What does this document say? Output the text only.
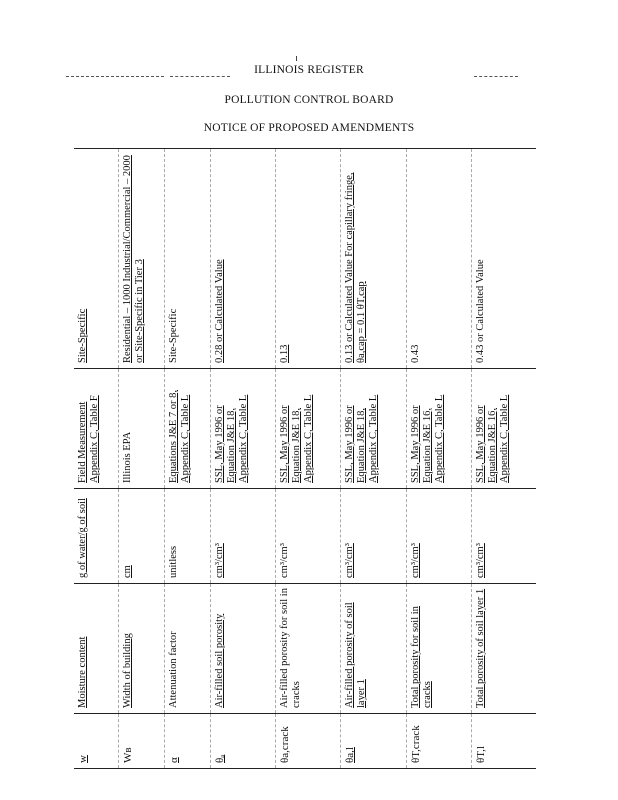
ILLINOIS REGISTER
POLLUTION CONTROL BOARD
NOTICE OF PROPOSED AMENDMENTS
w	Moisture content	g of water/g of soil	Field Measurement Appendix C, Table F	Site-Specific
Wʙ	Width of building	cm	Illinois EPA	Residential – 1000 Industrial/Commercial – 2000 or Site-Specific in Tier 3
α	Attenuation factor	unitless	Equations J&E 7 or 8, Appendix C, Table L	Site-Specific
θₐ	Air-filled soil porosity	cm³/cm³	SSL, May 1996 or Equation J&E 18, Appendix C, Table L	0.28 or Calculated Value
θa,crack	Air-filled porosity for soil in cracks	cm³/cm³	SSL, May 1996 or Equation J&E 18, Appendix C, Table L	0.13
θa,l	Air-filled porosity of soil layer 1	cm³/cm³	SSL, May 1996 or Equation J&E 18, Appendix C, Table L	0.13 or Calculated Value For capillary fringe, θa,cap = 0.1 θT,cap
θT,crack	Total porosity for soil in cracks	cm³/cm³	SSL, May 1996 or Equation J&E 16, Appendix C, Table L	0.43
θT,l	Total porosity of soil layer 1	cm³/cm³	SSL, May 1996 or Equation J&E 16, Appendix C, Table L	0.43 or Calculated Value
